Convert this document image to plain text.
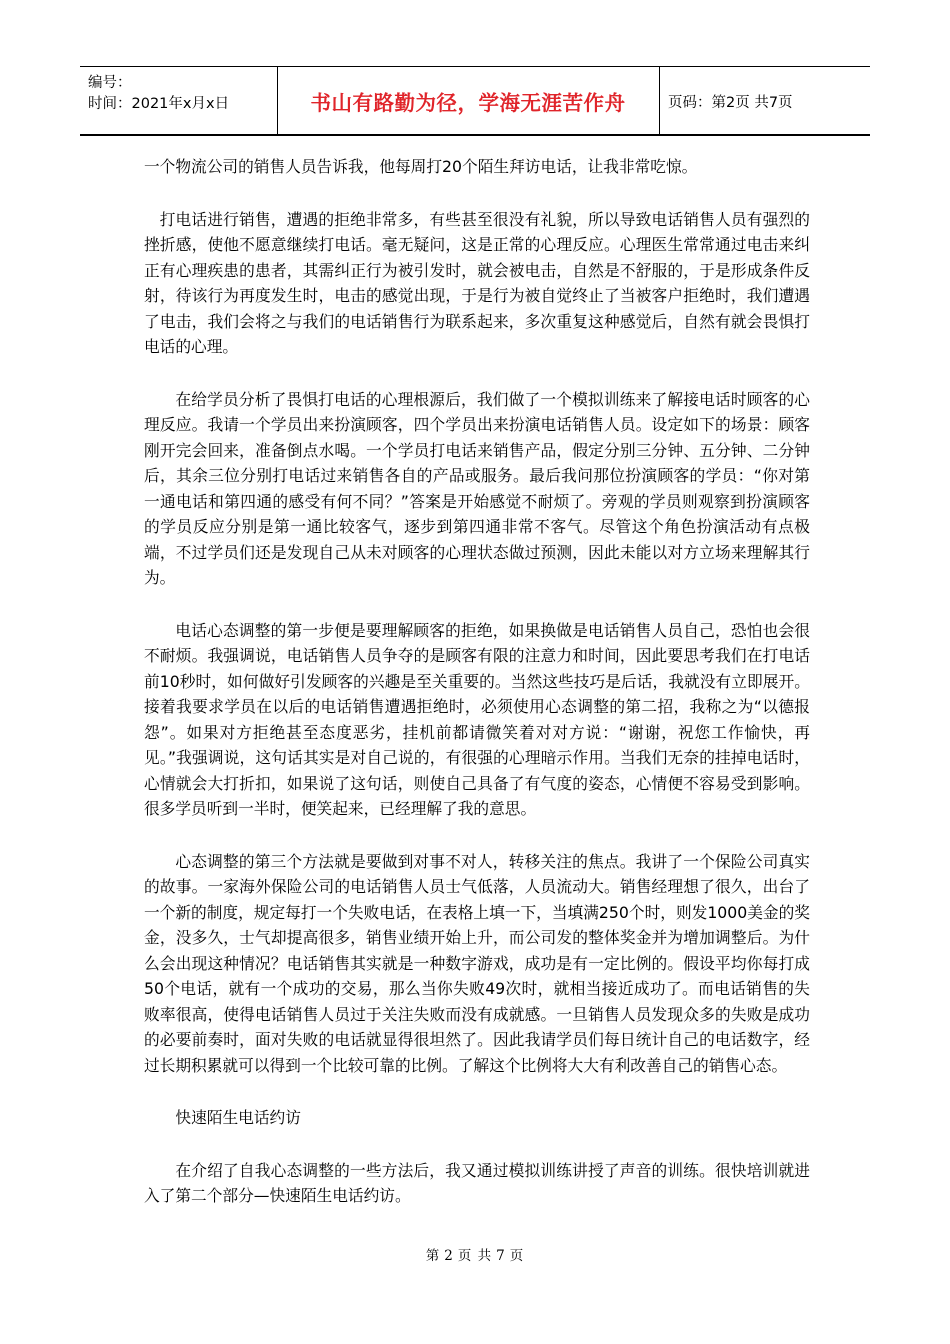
编号：
时间：2021年x月x日	书山有路勤为径，学海无涯苦作舟	页码：第2页 共7页

一个物流公司的销售人员告诉我，他每周打20个陌生拜访电话，让我非常吃惊。

打电话进行销售，遭遇的拒绝非常多，有些甚至很没有礼貌，所以导致电话销售人员有强烈的挫折感，使他不愿意继续打电话。毫无疑问，这是正常的心理反应。心理医生常常通过电击来纠正有心理疾患的患者，其需纠正行为被引发时，就会被电击，自然是不舒服的，于是形成条件反射，待该行为再度发生时，电击的感觉出现，于是行为被自觉终止了当被客户拒绝时，我们遭遇了电击，我们会将之与我们的电话销售行为联系起来，多次重复这种感觉后，自然有就会畏惧打电话的心理。

在给学员分析了畏惧打电话的心理根源后，我们做了一个模拟训练来了解接电话时顾客的心理反应。我请一个学员出来扮演顾客，四个学员出来扮演电话销售人员。设定如下的场景：顾客刚开完会回来，准备倒点水喝。一个学员打电话来销售产品，假定分别三分钟、五分钟、二分钟后，其余三位分别打电话过来销售各自的产品或服务。最后我问那位扮演顾客的学员：“你对第一通电话和第四通的感受有何不同？”答案是开始感觉不耐烦了。旁观的学员则观察到扮演顾客的学员反应分别是第一通比较客气，逐步到第四通非常不客气。尽管这个角色扮演活动有点极端，不过学员们还是发现自己从未对顾客的心理状态做过预测，因此未能以对方立场来理解其行为。

电话心态调整的第一步便是要理解顾客的拒绝，如果换做是电话销售人员自己，恐怕也会很不耐烦。我强调说，电话销售人员争夺的是顾客有限的注意力和时间，因此要思考我们在打电话前10秒时，如何做好引发顾客的兴趣是至关重要的。当然这些技巧是后话，我就没有立即展开。接着我要求学员在以后的电话销售遭遇拒绝时，必须使用心态调整的第二招，我称之为“以德报怨”。如果对方拒绝甚至态度恶劣，挂机前都请微笑着对对方说：“谢谢，祝您工作愉快，再见。”我强调说，这句话其实是对自己说的，有很强的心理暗示作用。当我们无奈的挂掉电话时，心情就会大打折扣，如果说了这句话，则使自己具备了有气度的姿态，心情便不容易受到影响。很多学员听到一半时，便笑起来，已经理解了我的意思。

心态调整的第三个方法就是要做到对事不对人，转移关注的焦点。我讲了一个保险公司真实的故事。一家海外保险公司的电话销售人员士气低落，人员流动大。销售经理想了很久，出台了一个新的制度，规定每打一个失败电话，在表格上填一下，当填满250个时，则发1000美金的奖金，没多久，士气却提高很多，销售业绩开始上升，而公司发的整体奖金并为增加调整后。为什么会出现这种情况？电话销售其实就是一种数字游戏，成功是有一定比例的。假设平均你每打成50个电话，就有一个成功的交易，那么当你失败49次时，就相当接近成功了。而电话销售的失败率很高，使得电话销售人员过于关注失败而没有成就感。一旦销售人员发现众多的失败是成功的必要前奏时，面对失败的电话就显得很坦然了。因此我请学员们每日统计自己的电话数字，经过长期积累就可以得到一个比较可靠的比例。了解这个比例将大大有利改善自己的销售心态。

快速陌生电话约访

在介绍了自我心态调整的一些方法后，我又通过模拟训练讲授了声音的训练。很快培训就进入了第二个部分—快速陌生电话约访。

第 2 页 共 7 页
